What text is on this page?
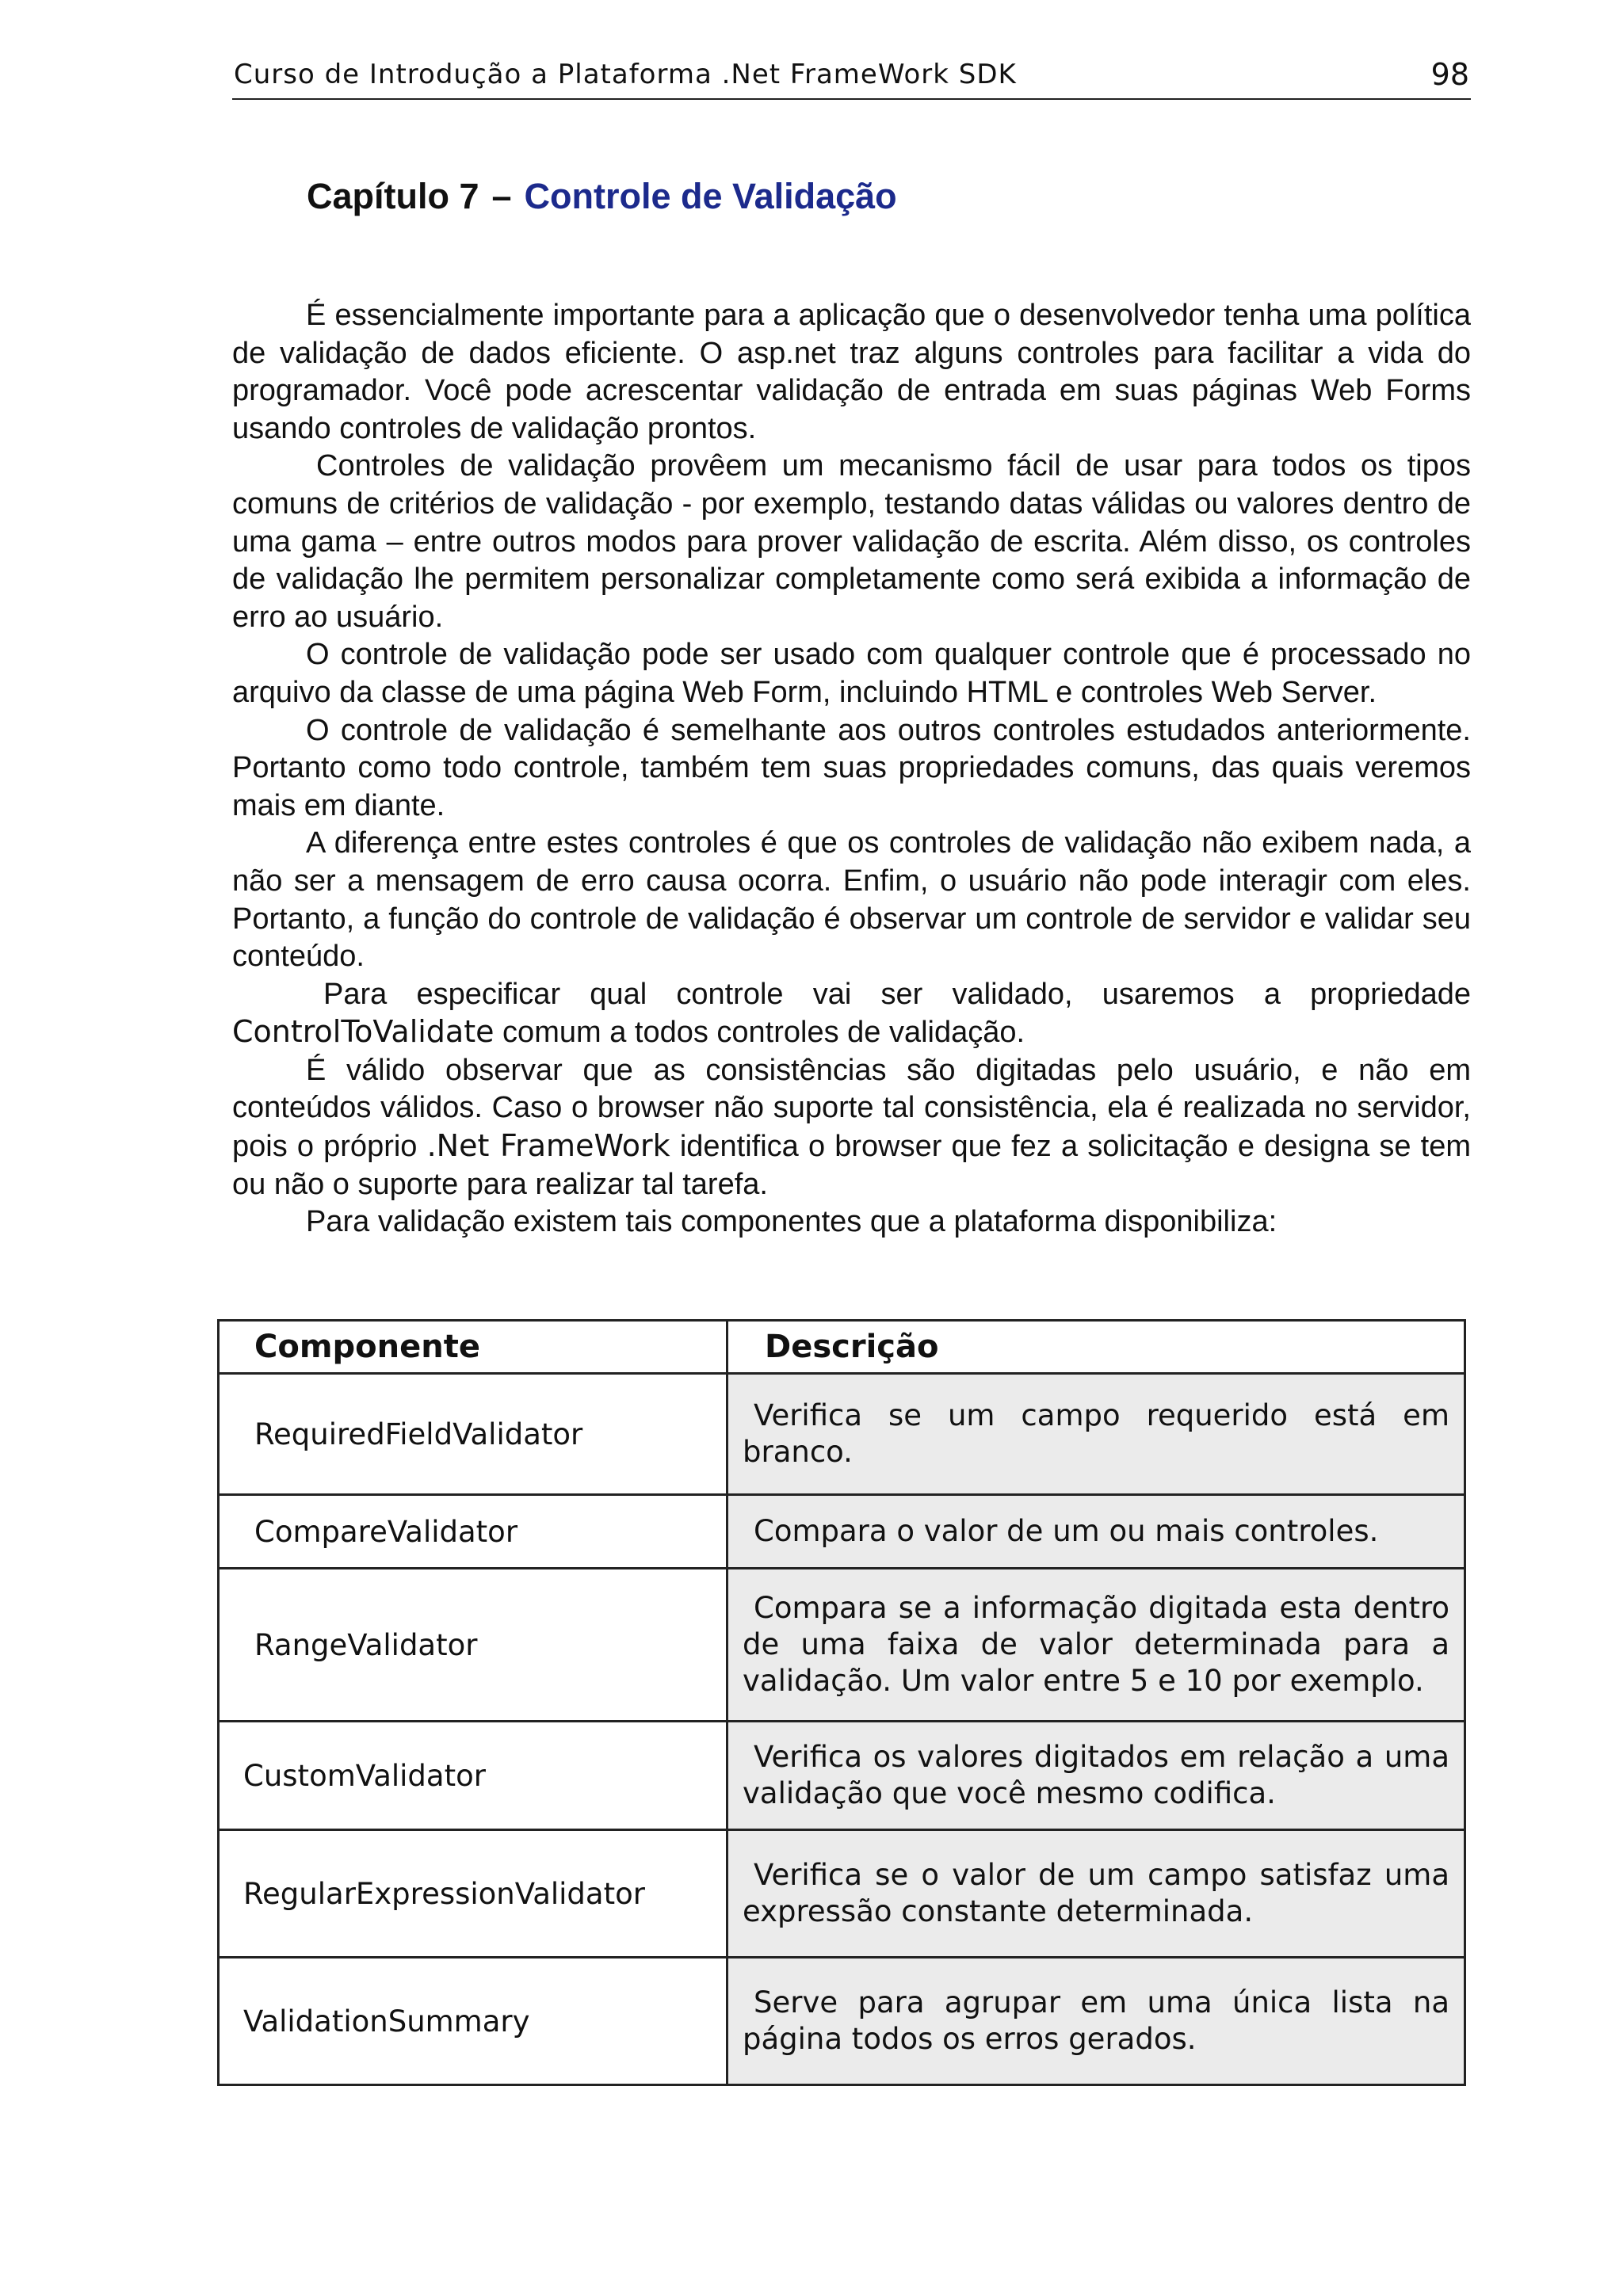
Curso de Introdução a Plataforma .Net FrameWork SDK	98
Capítulo 7 – Controle de Validação

É essencialmente importante para a aplicação que o desenvolvedor tenha uma política de validação de dados eficiente. O asp.net traz alguns controles para facilitar a vida do programador. Você pode acrescentar validação de entrada em suas páginas Web Forms usando controles de validação prontos.

Controles de validação provêem um mecanismo fácil de usar para todos os tipos comuns de critérios de validação - por exemplo, testando datas válidas ou valores dentro de uma gama – entre outros modos para prover validação de escrita. Além disso, os controles de validação lhe permitem personalizar completamente como será exibida a informação de erro ao usuário.

O controle de validação pode ser usado com qualquer controle que é processado no arquivo da classe de uma página Web Form, incluindo HTML e controles Web Server.

O controle de validação é semelhante aos outros controles estudados anteriormente. Portanto como todo controle, também tem suas propriedades comuns, das quais veremos mais em diante.

A diferença entre estes controles é que os controles de validação não exibem nada, a não ser a mensagem de erro causa ocorra. Enfim, o usuário não pode interagir com eles. Portanto, a função do controle de validação é observar um controle de servidor e validar seu conteúdo.

Para especificar qual controle vai ser validado, usaremos a propriedade ControlToValidate comum a todos controles de validação.

É válido observar que as consistências são digitadas pelo usuário, e não em conteúdos válidos. Caso o browser não suporte tal consistência, ela é realizada no servidor, pois o próprio .Net FrameWork identifica o browser que fez a solicitação e designa se tem ou não o suporte para realizar tal tarefa.

Para validação existem tais componentes que a plataforma disponibiliza:

Componente	Descrição
RequiredFieldValidator	Verifica se um campo requerido está em branco.
CompareValidator	Compara o valor de um ou mais controles.
RangeValidator	Compara se a informação digitada esta dentro de uma faixa de valor determinada para a validação. Um valor entre 5 e 10 por exemplo.
CustomValidator	Verifica os valores digitados em relação a uma validação que você mesmo codifica.
RegularExpressionValidator	Verifica se o valor de um campo satisfaz uma expressão constante determinada.
ValidationSummary	Serve para agrupar em uma única lista na página todos os erros gerados.
